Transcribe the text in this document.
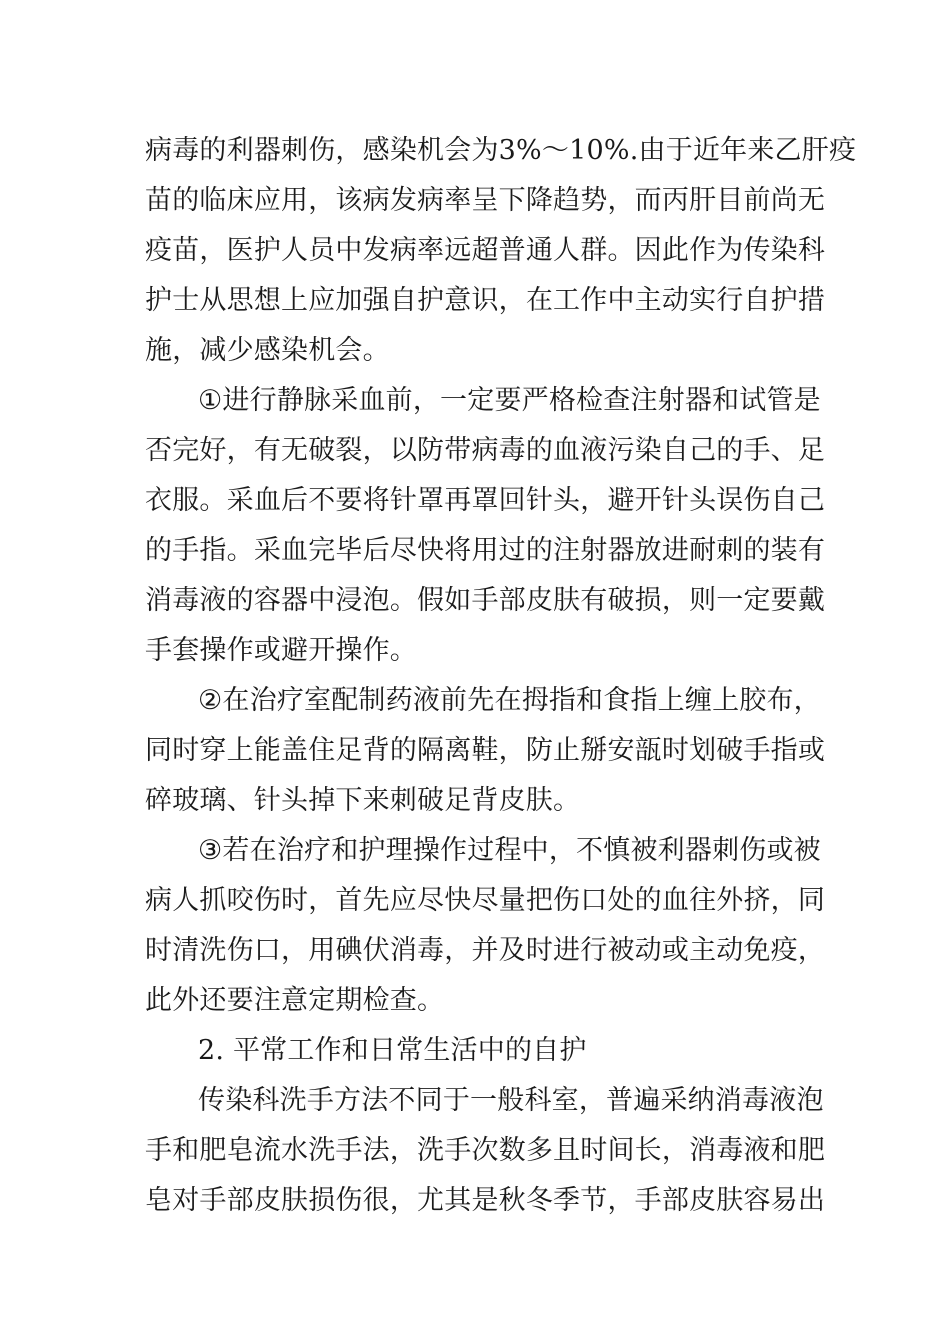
病 毒 的 利 器 刺 伤 ， 感 染 机 会 为 3 % ～ 1 0 % . 由 于 近 年 来 乙 肝 疫
苗 的 临 床 应 用 ， 该 病 发 病 率 呈 下 降 趋 势 ， 而 丙 肝 目 前 尚 无
疫 苗 ， 医 护 人 员 中 发 病 率 远 超 普 通 人 群 。 因 此 作 为 传 染 科
护 士 从 思 想 上 应 加 强 自 护 意 识 ， 在 工 作 中 主 动 实 行 自 护 措
施，减少感染机会。
① 进 行 静 脉 采 血 前 ， 一 定 要 严 格 检 查 注 射 器 和 试 管 是
否 完 好 ， 有 无 破 裂 ， 以 防 带 病 毒 的 血 液 污 染 自 己 的 手 、 足
衣 服 。 采 血 后 不 要 将 针 罩 再 罩 回 针 头 ， 避 开 针 头 误 伤 自 己
的 手 指 。 采 血 完 毕 后 尽 快 将 用 过 的 注 射 器 放 进 耐 刺 的 装 有
消 毒 液 的 容 器 中 浸 泡 。 假 如 手 部 皮 肤 有 破 损 ， 则 一 定 要 戴
手套操作或避开操作。
② 在 治 疗 室 配 制 药 液 前 先 在 拇 指 和 食 指 上 缠 上 胶 布 ，
同 时 穿 上 能 盖 住 足 背 的 隔 离 鞋 ， 防 止 掰 安 瓿 时 划 破 手 指 或
碎玻璃、针头掉下来刺破足背皮肤。
③ 若 在 治 疗 和 护 理 操 作 过 程 中 ， 不 慎 被 利 器 刺 伤 或 被
病 人 抓 咬 伤 时 ， 首 先 应 尽 快 尽 量 把 伤 口 处 的 血 往 外 挤 ， 同
时 清 洗 伤 口 ， 用 碘 伏 消 毒 ， 并 及 时 进 行 被 动 或 主 动 免 疫 ，
此外还要注意定期检查。
2. 平常工作和日常生活中的自护
传 染 科 洗 手 方 法 不 同 于 一 般 科 室 ， 普 遍 采 纳 消 毒 液 泡
手 和 肥 皂 流 水 洗 手 法 ， 洗 手 次 数 多 且 时 间 长 ， 消 毒 液 和 肥
皂 对 手 部 皮 肤 损 伤 很 ， 尤 其 是 秋 冬 季 节 ， 手 部 皮 肤 容 易 出
